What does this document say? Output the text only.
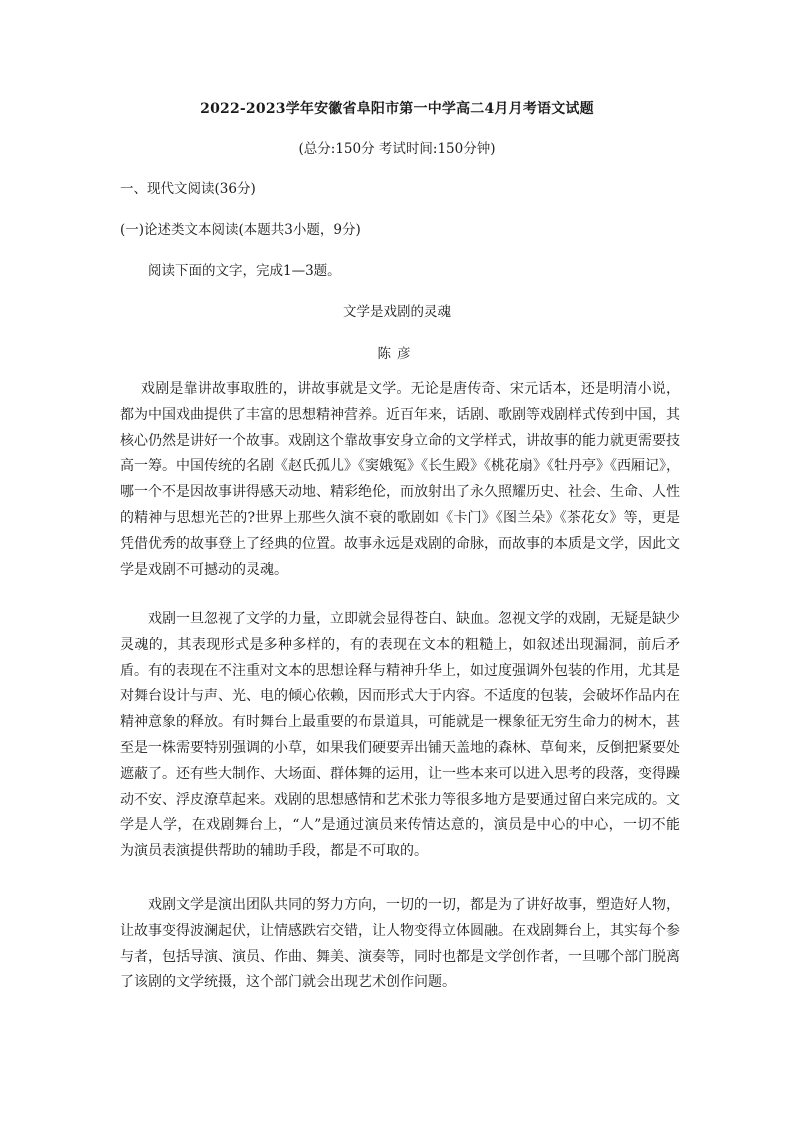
2022-2023学年安徽省阜阳市第一中学高二4月月考语文试题
(总分:150分 考试时间:150分钟)
一、现代文阅读(36分)
(一)论述类文本阅读(本题共3小题，9分)
阅读下面的文字，完成1—3题。
文学是戏剧的灵魂
陈彦

戏剧是靠讲故事取胜的，讲故事就是文学。无论是唐传奇、宋元话本，还是明清小说，都为中国戏曲提供了丰富的思想精神营养。近百年来，话剧、歌剧等戏剧样式传到中国，其核心仍然是讲好一个故事。戏剧这个靠故事安身立命的文学样式，讲故事的能力就更需要技高一筹。中国传统的名剧《赵氏孤儿》《窦娥冤》《长生殿》《桃花扇》《牡丹亭》《西厢记》，哪一个不是因故事讲得感天动地、精彩绝伦，而放射出了永久照耀历史、社会、生命、人性的精神与思想光芒的?世界上那些久演不衰的歌剧如《卡门》《图兰朵》《茶花女》等，更是凭借优秀的故事登上了经典的位置。故事永远是戏剧的命脉，而故事的本质是文学，因此文学是戏剧不可撼动的灵魂。

戏剧一旦忽视了文学的力量，立即就会显得苍白、缺血。忽视文学的戏剧，无疑是缺少灵魂的，其表现形式是多种多样的，有的表现在文本的粗糙上，如叙述出现漏洞，前后矛盾。有的表现在不注重对文本的思想诠释与精神升华上，如过度强调外包装的作用，尤其是对舞台设计与声、光、电的倾心依赖，因而形式大于内容。不适度的包装，会破坏作品内在精神意象的释放。有时舞台上最重要的布景道具，可能就是一棵象征无穷生命力的树木，甚至是一株需要特别强调的小草，如果我们硬要弄出铺天盖地的森林、草甸来，反倒把紧要处遮蔽了。还有些大制作、大场面、群体舞的运用，让一些本来可以进入思考的段落，变得躁动不安、浮皮潦草起来。戏剧的思想感情和艺术张力等很多地方是要通过留白来完成的。文学是人学，在戏剧舞台上，“人”是通过演员来传情达意的，演员是中心的中心，一切不能为演员表演提供帮助的辅助手段，都是不可取的。

戏剧文学是演出团队共同的努力方向，一切的一切，都是为了讲好故事，塑造好人物，让故事变得波澜起伏，让情感跌宕交错，让人物变得立体圆融。在戏剧舞台上，其实每个参与者，包括导演、演员、作曲、舞美、演奏等，同时也都是文学创作者，一旦哪个部门脱离了该剧的文学统摄，这个部门就会出现艺术创作问题。
